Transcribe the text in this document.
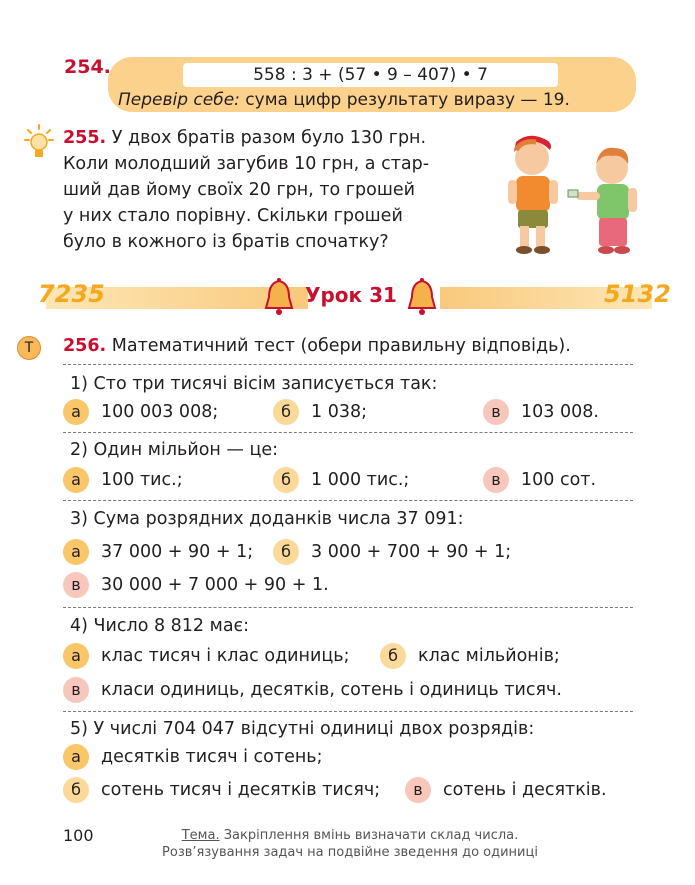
254.	558 : 3 + (57 • 9 – 407) • 7
Перевір себе: сума цифр результату виразу — 19.
255. У двох братів разом було 130 грн.
Коли молодший загубив 10 грн, а стар-
ший дав йому своїх 20 грн, то грошей
у них стало порівну. Скільки грошей
було в кожного із братів спочатку?
7235	5132
Урок 31
Т	256. Математичний тест (обери правильну відповідь).
1) Сто три тисячі вісім записується так:
а	100 003 008;	б	1 038;	в	103 008.
2) Один мільйон — це:
а	100 тис.;	б	1 000 тис.;	в	100 сот.
3) Сума розрядних доданків числа 37 091:
а	37 000 + 90 + 1;	б	3 000 + 700 + 90 + 1;
в	30 000 + 7 000 + 90 + 1.
4) Число 8 812 має:
а	клас тисяч і клас одиниць;	б	клас мільйонів;
в	класи одиниць, десятків, сотень і одиниць тисяч.
5) У числі 704 047 відсутні одиниці двох розрядів:
а	десятків тисяч і сотень;
б	сотень тисяч і десятків тисяч;	в	сотень і десятків.
100	Тема. Закріплення вмінь визначати склад числа.
Розв’язування задач на подвійне зведення до одиниці
